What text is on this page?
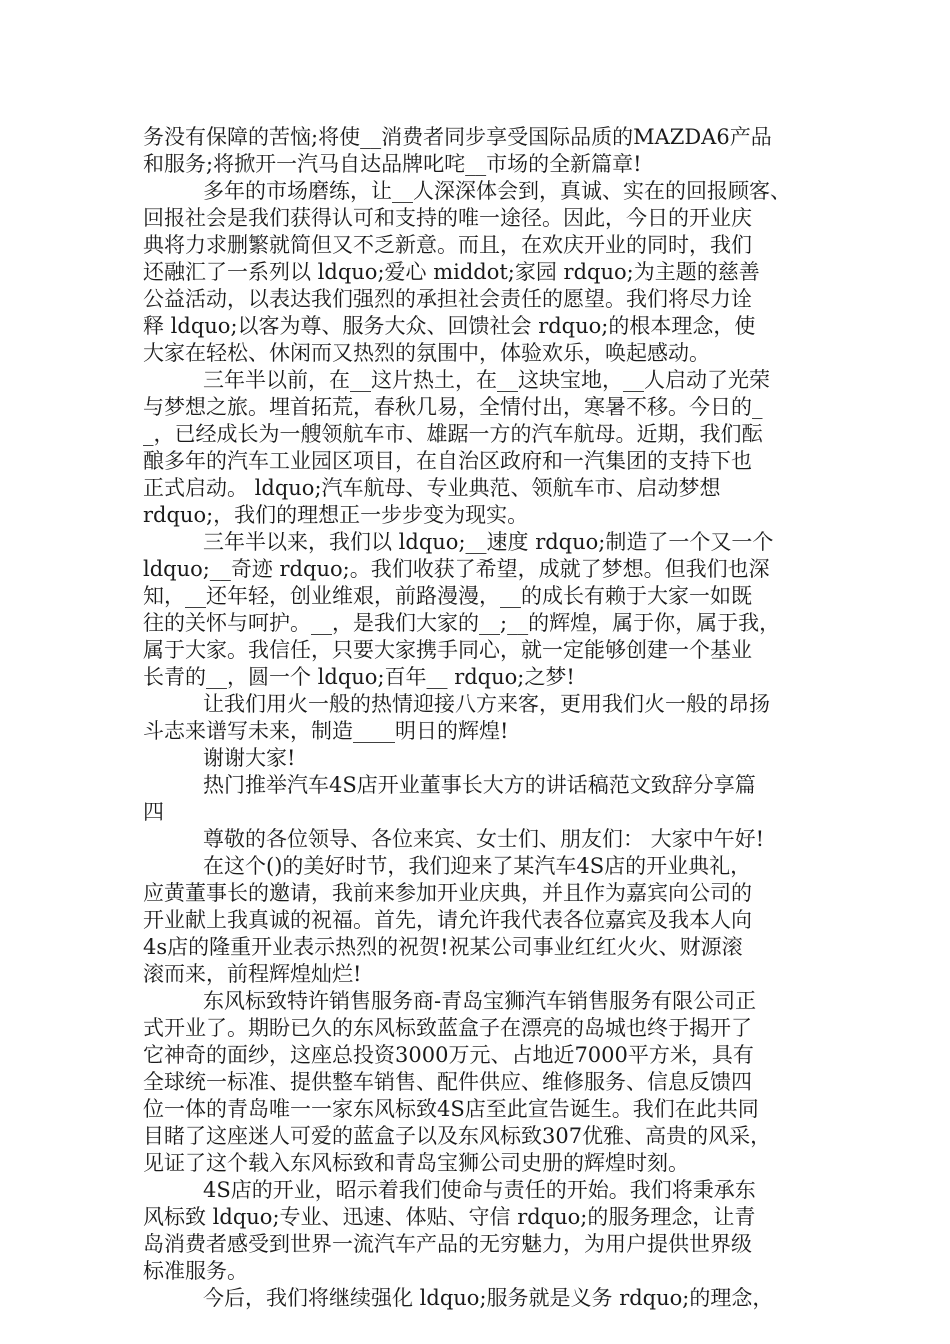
务没有保障的苦恼;将使__消费者同步享受国际品质的MAZDA6产品
和服务;将掀开一汽马自达品牌叱咤__市场的全新篇章!
多年的市场磨练，让__人深深体会到，真诚、实在的回报顾客、
回报社会是我们获得认可和支持的唯一途径。因此，今日的开业庆
典将力求删繁就简但又不乏新意。而且，在欢庆开业的同时，我们
还融汇了一系列以 ldquo;爱心 middot;家园 rdquo;为主题的慈善
公益活动，以表达我们强烈的承担社会责任的愿望。我们将尽力诠
释 ldquo;以客为尊、服务大众、回馈社会 rdquo;的根本理念，使
大家在轻松、休闲而又热烈的氛围中，体验欢乐，唤起感动。
三年半以前，在__这片热土，在__这块宝地，__人启动了光荣
与梦想之旅。埋首拓荒，春秋几易，全情付出，寒暑不移。今日的_
_，已经成长为一艘领航车市、雄踞一方的汽车航母。近期，我们酝
酿多年的汽车工业园区项目，在自治区政府和一汽集团的支持下也
正式启动。 ldquo;汽车航母、专业典范、领航车市、启动梦想
rdquo;，我们的理想正一步步变为现实。
三年半以来，我们以 ldquo;__速度 rdquo;制造了一个又一个
ldquo;__奇迹 rdquo;。我们收获了希望，成就了梦想。但我们也深
知，__还年轻，创业维艰，前路漫漫，__的成长有赖于大家一如既
往的关怀与呵护。__，是我们大家的__;__的辉煌，属于你，属于我，
属于大家。我信任，只要大家携手同心，就一定能够创建一个基业
长青的__，圆一个 ldquo;百年__ rdquo;之梦!
让我们用火一般的热情迎接八方来客，更用我们火一般的昂扬
斗志来谱写未来，制造____明日的辉煌!
谢谢大家!
热门推举汽车4S店开业董事长大方的讲话稿范文致辞分享篇
四
尊敬的各位领导、各位来宾、女士们、朋友们： 大家中午好!
在这个()的美好时节，我们迎来了某汽车4S店的开业典礼，
应黄董事长的邀请，我前来参加开业庆典，并且作为嘉宾向公司的
开业献上我真诚的祝福。首先，请允许我代表各位嘉宾及我本人向
4s店的隆重开业表示热烈的祝贺!祝某公司事业红红火火、财源滚
滚而来，前程辉煌灿烂!
东风标致特许销售服务商-青岛宝狮汽车销售服务有限公司正
式开业了。期盼已久的东风标致蓝盒子在漂亮的岛城也终于揭开了
它神奇的面纱，这座总投资3000万元、占地近7000平方米，具有
全球统一标准、提供整车销售、配件供应、维修服务、信息反馈四
位一体的青岛唯一一家东风标致4S店至此宣告诞生。我们在此共同
目睹了这座迷人可爱的蓝盒子以及东风标致307优雅、高贵的风采，
见证了这个载入东风标致和青岛宝狮公司史册的辉煌时刻。
4S店的开业，昭示着我们使命与责任的开始。我们将秉承东
风标致 ldquo;专业、迅速、体贴、守信 rdquo;的服务理念，让青
岛消费者感受到世界一流汽车产品的无穷魅力，为用户提供世界级
标准服务。
今后，我们将继续强化 ldquo;服务就是义务 rdquo;的理念，
